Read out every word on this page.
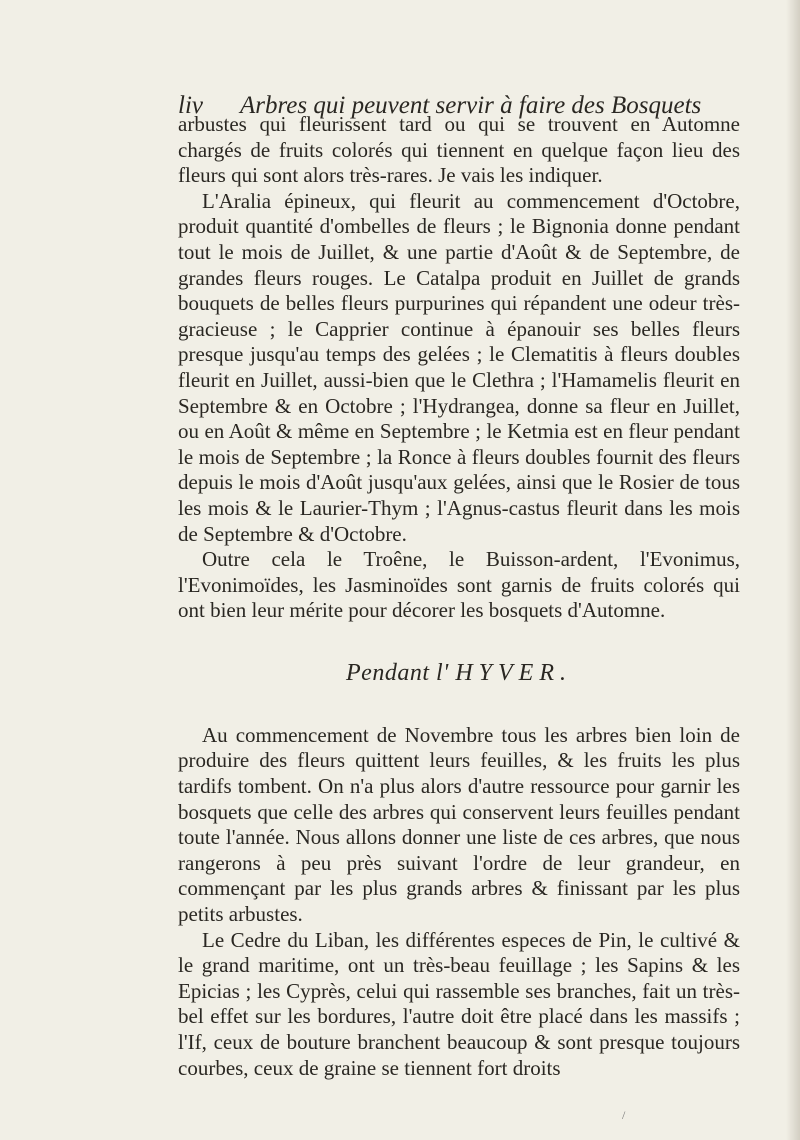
liv Arbres qui peuvent servir à faire des Bosquets

arbustes qui fleurissent tard ou qui se trouvent en Automne chargés de fruits colorés qui tiennent en quelque façon lieu des fleurs qui sont alors très-rares. Je vais les indiquer.

L'Aralia épineux, qui fleurit au commencement d'Octobre, produit quantité d'ombelles de fleurs ; le Bignonia donne pendant tout le mois de Juillet, & une partie d'Août & de Septembre, de grandes fleurs rouges. Le Catalpa produit en Juillet de grands bouquets de belles fleurs purpurines qui répandent une odeur très-gracieuse ; le Capprier continue à épanouir ses belles fleurs presque jusqu'au temps des gelées ; le Clematitis à fleurs doubles fleurit en Juillet, aussi-bien que le Clethra ; l'Hamamelis fleurit en Septembre & en Octobre ; l'Hydrangea, donne sa fleur en Juillet, ou en Août & même en Septembre ; le Ketmia est en fleur pendant le mois de Septembre ; la Ronce à fleurs doubles fournit des fleurs depuis le mois d'Août jusqu'aux gelées, ainsi que le Rosier de tous les mois & le Laurier-Thym ; l'Agnus-castus fleurit dans les mois de Septembre & d'Octobre.

Outre cela le Troêne, le Buisson-ardent, l'Evonimus, l'Evonimoïdes, les Jasminoïdes sont garnis de fruits colorés qui ont bien leur mérite pour décorer les bosquets d'Automne.

Pendant l' HYVER.

Au commencement de Novembre tous les arbres bien loin de produire des fleurs quittent leurs feuilles, & les fruits les plus tardifs tombent. On n'a plus alors d'autre ressource pour garnir les bosquets que celle des arbres qui conservent leurs feuilles pendant toute l'année. Nous allons donner une liste de ces arbres, que nous rangerons à peu près suivant l'ordre de leur grandeur, en commençant par les plus grands arbres & finissant par les plus petits arbustes.

Le Cedre du Liban, les différentes especes de Pin, le cultivé & le grand maritime, ont un très-beau feuillage ; les Sapins & les Epicias ; les Cyprès, celui qui rassemble ses branches, fait un très-bel effet sur les bordures, l'autre doit être placé dans les massifs ; l'If, ceux de bouture branchent beaucoup & sont presque toujours courbes, ceux de graine se tiennent fort droits

/
